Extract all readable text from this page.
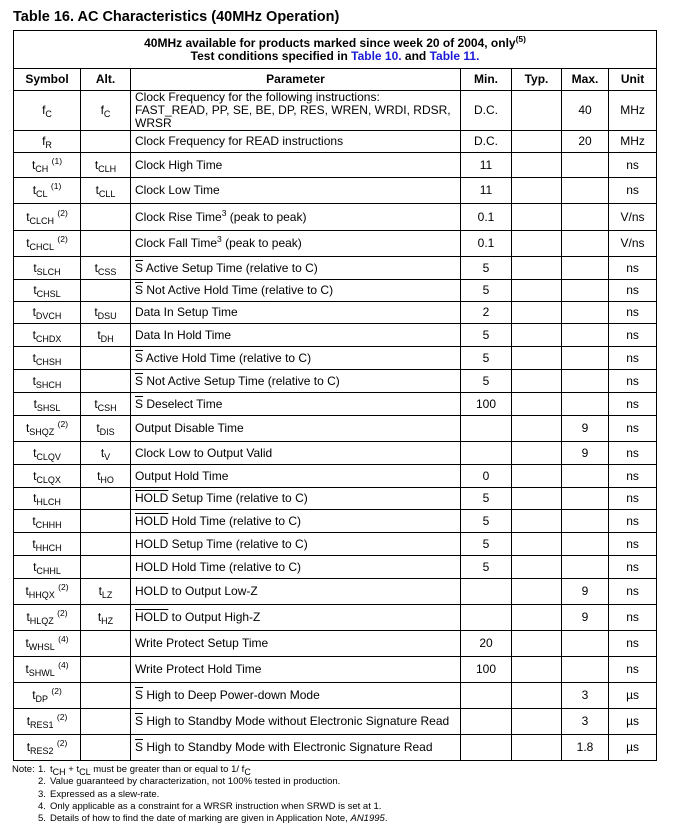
Table 16. AC Characteristics (40MHz Operation)
40MHz available for products marked since week 20 of 2004, only$^{(5)}$
Test conditions specified in Table 10. and Table 11.						
Symbol	Alt.	Parameter	Min.	Typ.	Max.	Unit
$f_C$	$f_C$	Clock Frequency for the following instructions: FAST_READ, PP, SE, BE, DP, RES, WREN, WRDI, RDSR, WRSR	D.C.		40	MHz
$f_R$		Clock Frequency for READ instructions	D.C.		20	MHz
$t_{CH}$ $^{(1)}$	$t_{CLH}$	Clock High Time	11			ns
$t_{CL}$ $^{(1)}$	$t_{CLL}$	Clock Low Time	11			ns
$t_{CLCH}$ $^{(2)}$		Clock Rise Time$^3$ (peak to peak)	0.1			V/ns
$t_{CHCL}$ $^{(2)}$		Clock Fall Time$^3$ (peak to peak)	0.1			V/ns
$t_{SLCH}$	$t_{CSS}$	$\overline{S}$ Active Setup Time (relative to C)	5			ns
$t_{CHSL}$		$\overline{S}$ Not Active Hold Time (relative to C)	5			ns
$t_{DVCH}$	$t_{DSU}$	Data In Setup Time	2			ns
$t_{CHDX}$	$t_{DH}$	Data In Hold Time	5			ns
$t_{CHSH}$		$\overline{S}$ Active Hold Time (relative to C)	5			ns
$t_{SHCH}$		$\overline{S}$ Not Active Setup Time (relative to C)	5			ns
$t_{SHSL}$	$t_{CSH}$	$\overline{S}$ Deselect Time	100			ns
$t_{SHQZ}$ $^{(2)}$	$t_{DIS}$	Output Disable Time			9	ns
$t_{CLQV}$	$t_V$	Clock Low to Output Valid			9	ns
$t_{CLQX}$	$t_{HO}$	Output Hold Time	0			ns
$t_{HLCH}$		HOLD Setup Time (relative to C)	5			ns
$t_{CHHH}$		HOLD Hold Time (relative to C)	5			ns
$t_{HHCH}$		HOLD Setup Time (relative to C)	5			ns
$t_{CHHL}$		HOLD Hold Time (relative to C)	5			ns
$t_{HHQX}$ $^{(2)}$	$t_{LZ}$	HOLD to Output Low-Z			9	ns
$t_{HLQZ}$ $^{(2)}$	$t_{HZ}$	HOLD to Output High-Z			9	ns
$t_{WHSL}$ $^{(4)}$		Write Protect Setup Time	20			ns
$t_{SHWL}$ $^{(4)}$		Write Protect Hold Time	100			ns
$t_{DP}$ $^{(2)}$		$\overline{S}$ High to Deep Power-down Mode			3	µs
$t_{RES1}$ $^{(2)}$		$\overline{S}$ High to Standby Mode without Electronic Signature Read			3	µs
$t_{RES2}$ $^{(2)}$		$\overline{S}$ High to Standby Mode with Electronic Signature Read			1.8	µs
Note: 1. $t_{CH} + t_{CL}$ must be greater than or equal to 1/ $f_C$
2. Value guaranteed by characterization, not 100% tested in production.
3. Expressed as a slew-rate.
4. Only applicable as a constraint for a WRSR instruction when SRWD is set at 1.
5. Details of how to find the date of marking are given in Application Note, AN1995.
